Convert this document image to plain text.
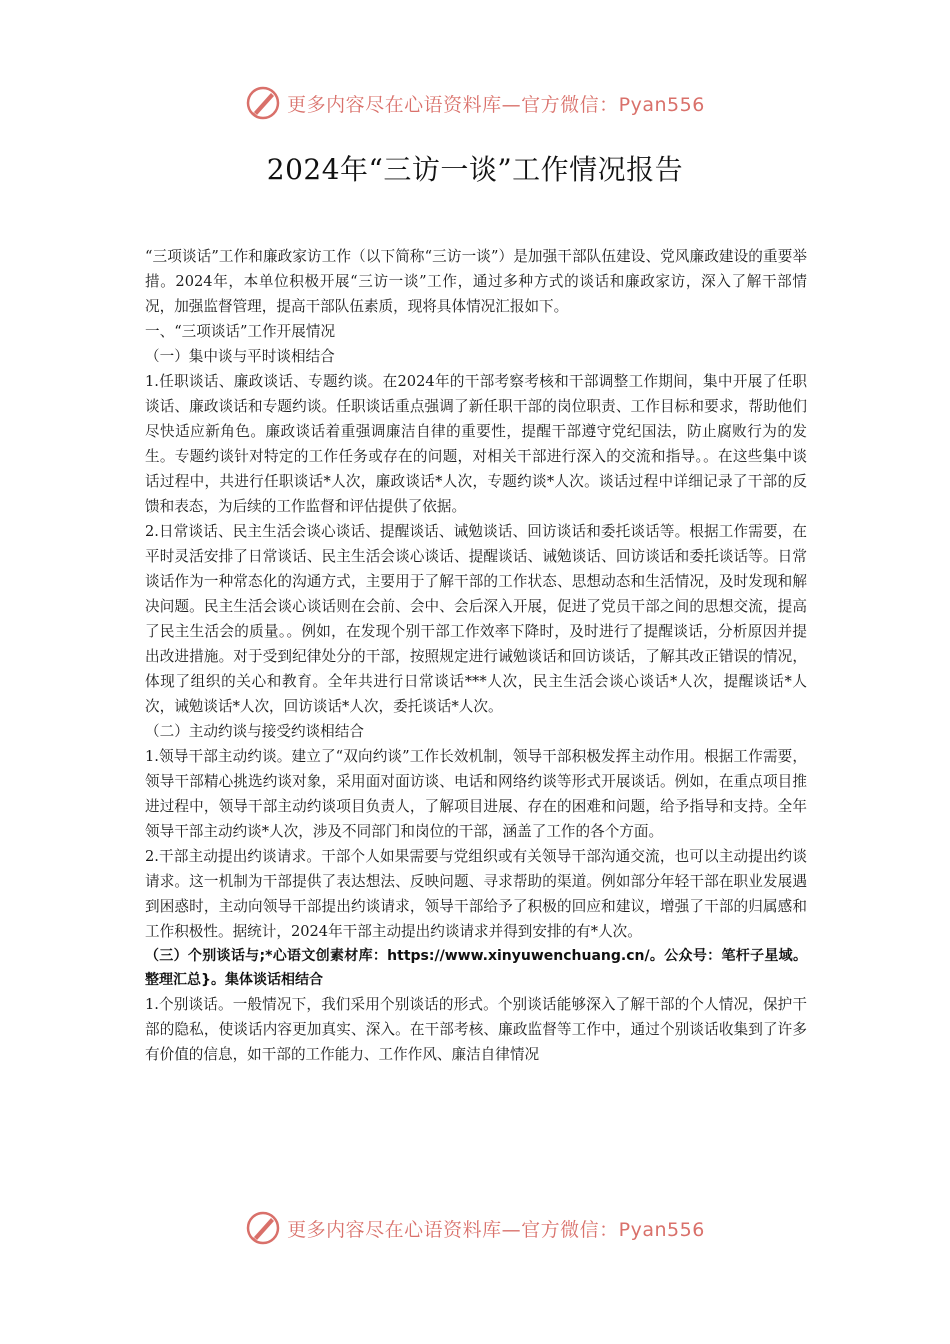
更多内容尽在心语资料库—官方微信：Pyan556
2024年“三访一谈”工作情况报告

“三项谈话”工作和廉政家访工作（以下简称“三访一谈”）是加强干部队伍建设、党风廉政建设的重要举措。2024年，本单位积极开展“三访一谈”工作，通过多种方式的谈话和廉政家访，深入了解干部情况，加强监督管理，提高干部队伍素质，现将具体情况汇报如下。

一、“三项谈话”工作开展情况

（一）集中谈与平时谈相结合

1.任职谈话、廉政谈话、专题约谈。在2024年的干部考察考核和干部调整工作期间，集中开展了任职谈话、廉政谈话和专题约谈。任职谈话重点强调了新任职干部的岗位职责、工作目标和要求，帮助他们尽快适应新角色。廉政谈话着重强调廉洁自律的重要性，提醒干部遵守党纪国法，防止腐败行为的发生。专题约谈针对特定的工作任务或存在的问题，对相关干部进行深入的交流和指导。。在这些集中谈话过程中，共进行任职谈话*人次，廉政谈话*人次，专题约谈*人次。谈话过程中详细记录了干部的反馈和表态，为后续的工作监督和评估提供了依据。

2.日常谈话、民主生活会谈心谈话、提醒谈话、诫勉谈话、回访谈话和委托谈话等。根据工作需要，在平时灵活安排了日常谈话、民主生活会谈心谈话、提醒谈话、诫勉谈话、回访谈话和委托谈话等。日常谈话作为一种常态化的沟通方式，主要用于了解干部的工作状态、思想动态和生活情况，及时发现和解决问题。民主生活会谈心谈话则在会前、会中、会后深入开展，促进了党员干部之间的思想交流，提高了民主生活会的质量。。例如，在发现个别干部工作效率下降时，及时进行了提醒谈话，分析原因并提出改进措施。对于受到纪律处分的干部，按照规定进行诫勉谈话和回访谈话，了解其改正错误的情况，体现了组织的关心和教育。全年共进行日常谈话***人次，民主生活会谈心谈话*人次，提醒谈话*人次，诫勉谈话*人次，回访谈话*人次，委托谈话*人次。

（二）主动约谈与接受约谈相结合

1.领导干部主动约谈。建立了“双向约谈”工作长效机制，领导干部积极发挥主动作用。根据工作需要，领导干部精心挑选约谈对象，采用面对面访谈、电话和网络约谈等形式开展谈话。例如，在重点项目推进过程中，领导干部主动约谈项目负责人，了解项目进展、存在的困难和问题，给予指导和支持。全年领导干部主动约谈*人次，涉及不同部门和岗位的干部，涵盖了工作的各个方面。

2.干部主动提出约谈请求。干部个人如果需要与党组织或有关领导干部沟通交流，也可以主动提出约谈请求。这一机制为干部提供了表达想法、反映问题、寻求帮助的渠道。例如部分年轻干部在职业发展遇到困惑时，主动向领导干部提出约谈请求，领导干部给予了积极的回应和建议，增强了干部的归属感和工作积极性。据统计，2024年干部主动提出约谈请求并得到安排的有*人次。

（三）个别谈话与;*心语文创素材库：https://www.xinyuwenchuang.cn/。公众号：笔杆子星域。整理汇总}。集体谈话相结合

1.个别谈话。一般情况下，我们采用个别谈话的形式。个别谈话能够深入了解干部的个人情况，保护干部的隐私，使谈话内容更加真实、深入。在干部考核、廉政监督等工作中，通过个别谈话收集到了许多有价值的信息，如干部的工作能力、工作作风、廉洁自律情况

更多内容尽在心语资料库—官方微信：Pyan556
